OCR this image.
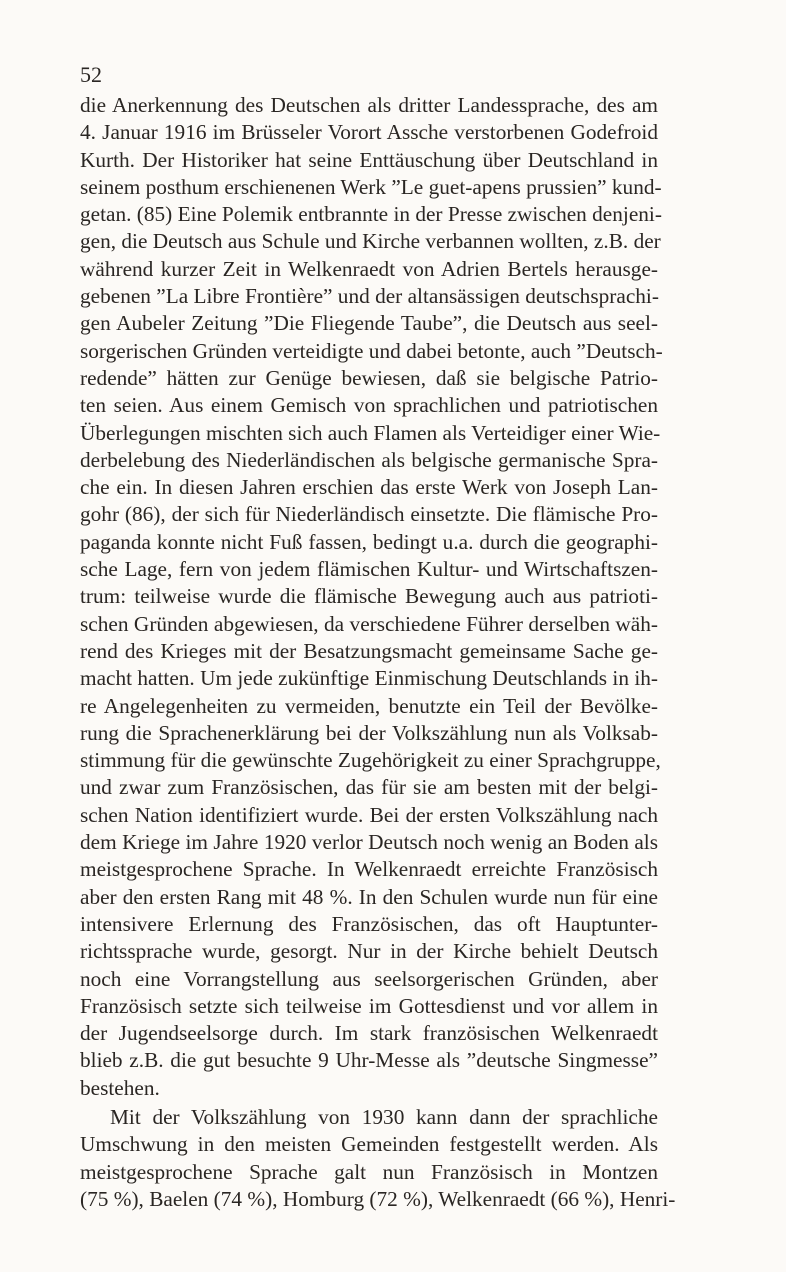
52
die Anerkennung des Deutschen als dritter Landessprache, des am
4. Januar 1916 im Brüsseler Vorort Assche verstorbenen Godefroid
Kurth. Der Historiker hat seine Enttäuschung über Deutschland in
seinem posthum erschienenen Werk ”Le guet-apens prussien” kund-
getan. (85) Eine Polemik entbrannte in der Presse zwischen denjeni-
gen, die Deutsch aus Schule und Kirche verbannen wollten, z.B. der
während kurzer Zeit in Welkenraedt von Adrien Bertels herausge-
gebenen ”La Libre Frontière” und der altansässigen deutschsprachi-
gen Aubeler Zeitung ”Die Fliegende Taube”, die Deutsch aus seel-
sorgerischen Gründen verteidigte und dabei betonte, auch ”Deutsch-
redende” hätten zur Genüge bewiesen, daß sie belgische Patrio-
ten seien. Aus einem Gemisch von sprachlichen und patriotischen
Überlegungen mischten sich auch Flamen als Verteidiger einer Wie-
derbelebung des Niederländischen als belgische germanische Spra-
che ein. In diesen Jahren erschien das erste Werk von Joseph Lan-
gohr (86), der sich für Niederländisch einsetzte. Die flämische Pro-
paganda konnte nicht Fuß fassen, bedingt u.a. durch die geographi-
sche Lage, fern von jedem flämischen Kultur- und Wirtschaftszen-
trum: teilweise wurde die flämische Bewegung auch aus patrioti-
schen Gründen abgewiesen, da verschiedene Führer derselben wäh-
rend des Krieges mit der Besatzungsmacht gemeinsame Sache ge-
macht hatten. Um jede zukünftige Einmischung Deutschlands in ih-
re Angelegenheiten zu vermeiden, benutzte ein Teil der Bevölke-
rung die Sprachenerklärung bei der Volkszählung nun als Volksab-
stimmung für die gewünschte Zugehörigkeit zu einer Sprachgruppe,
und zwar zum Französischen, das für sie am besten mit der belgi-
schen Nation identifiziert wurde. Bei der ersten Volkszählung nach
dem Kriege im Jahre 1920 verlor Deutsch noch wenig an Boden als
meistgesprochene Sprache. In Welkenraedt erreichte Französisch
aber den ersten Rang mit 48 %. In den Schulen wurde nun für eine
intensivere Erlernung des Französischen, das oft Hauptunter-
richtssprache wurde, gesorgt. Nur in der Kirche behielt Deutsch
noch eine Vorrangstellung aus seelsorgerischen Gründen, aber
Französisch setzte sich teilweise im Gottesdienst und vor allem in
der Jugendseelsorge durch. Im stark französischen Welkenraedt
blieb z.B. die gut besuchte 9 Uhr-Messe als ”deutsche Singmesse”
bestehen.
Mit der Volkszählung von 1930 kann dann der sprachliche
Umschwung in den meisten Gemeinden festgestellt werden. Als
meistgesprochene Sprache galt nun Französisch in Montzen
(75 %), Baelen (74 %), Homburg (72 %), Welkenraedt (66 %), Henri-
